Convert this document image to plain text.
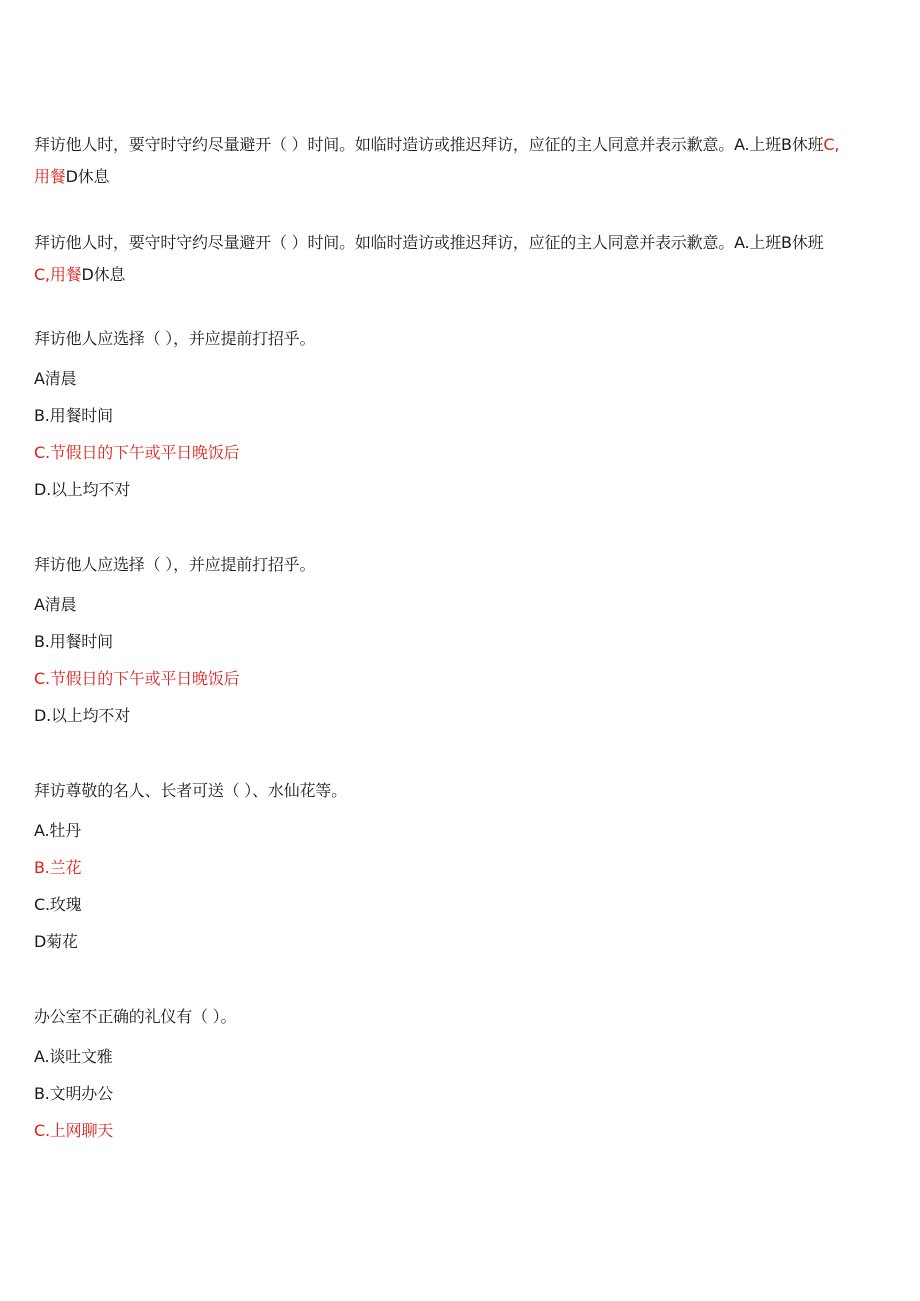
拜访他人时，要守时守约尽量避开（ ）时间。如临时造访或推迟拜访，应征的主人同意并表示歉意。A.上班B休班C,
用餐D休息
拜访他人时，要守时守约尽量避开（ ）时间。如临时造访或推迟拜访，应征的主人同意并表示歉意。A.上班B休班
C,用餐D休息
拜访他人应选择（ ），并应提前打招乎。
A清晨
B.用餐时间
C.节假日的下午或平日晚饭后
D.以上均不对
拜访他人应选择（ ），并应提前打招乎。
A清晨
B.用餐时间
C.节假日的下午或平日晚饭后
D.以上均不对
拜访尊敬的名人、长者可送（ ）、水仙花等。
A.牡丹
B.兰花
C.玫瑰
D菊花
办公室不正确的礼仪有（ ）。
A.谈吐文雅
B.文明办公
C.上网聊天
